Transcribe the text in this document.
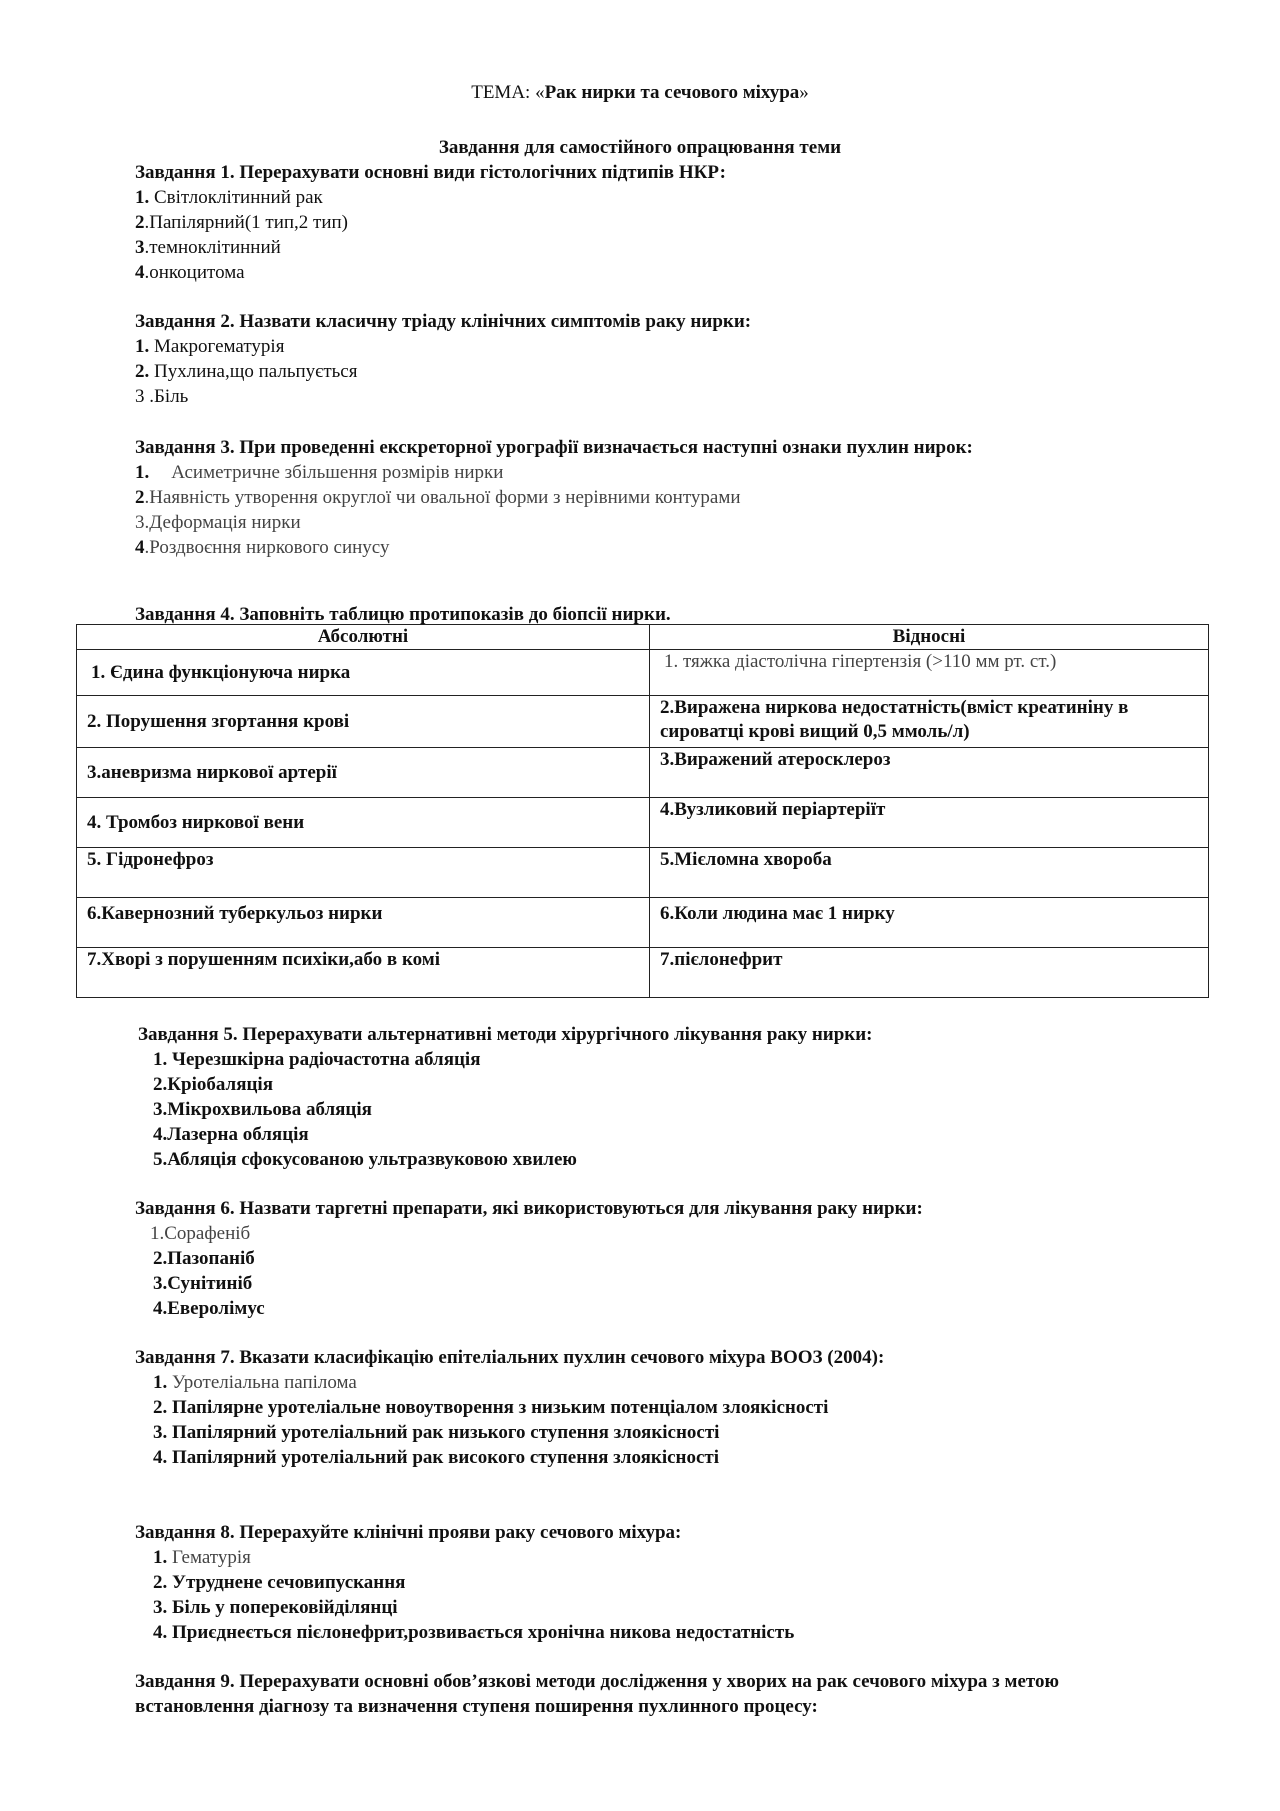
ТЕМА: «Рак нирки та сечового міхура»
Завдання для самостійного опрацювання теми
Завдання 1. Перерахувати основні види гістологічних підтипів НКР:
1. Світлоклітинний рак
2.Папілярний(1 тип,2 тип)
3.темноклітинний
4.онкоцитома
Завдання 2. Назвати класичну тріаду клінічних симптомів раку нирки:
1. Макрогематурія
2. Пухлина,що пальпується
3 .Біль
Завдання 3. При проведенні екскреторної урографії визначається наступні ознаки пухлин нирок:
1. Асиметричне збільшення розмірів нирки
2.Наявність утворення округлої чи овальної форми з нерівними контурами
3.Деформація нирки
4.Роздвоєння ниркового синусу
Завдання 4. Заповніть таблицю протипоказів до біопсії нирки.
Абсолютні	Відносні

1. Єдина функціонуюча нирка	1. тяжка діастолічна гіпертензія (>110 мм рт. ст.)

2. Порушення згортання крові	2.Виражена ниркова недостатність(вміст креатиніну в сироватці крові вищий 0,5 ммоль/л)

3.аневризма ниркової артерії	3.Виражений атеросклероз

4. Тромбоз ниркової вени	4.Вузликовий періартеріїт

5. Гідронефроз	5.Мієломна хвороба

6.Кавернозний туберкульоз нирки	6.Коли людина має 1 нирку

7.Хворі з порушенням психіки,або в комі	7.пієлонефрит
Завдання 5. Перерахувати альтернативні методи хірургічного лікування раку нирки:
1. Черезшкірна радіочастотна абляція
2.Кріобаляція
3.Мікрохвильова абляція
4.Лазерна обляція
5.Абляція сфокусованою ультразвуковою хвилею
Завдання 6. Назвати таргетні препарати, які використовуються для лікування раку нирки:
1.Сорафеніб
2.Пазопаніб
3.Сунітиніб
4.Еверолімус
Завдання 7. Вказати класифікацію епітеліальних пухлин сечового міхура ВООЗ (2004):
1. Уротеліальна папілома
2. Папілярне уротеліальне новоутворення з низьким потенціалом злоякісності
3. Папілярний уротеліальний рак низького ступення злоякісності
4. Папілярний уротеліальний рак високого ступення злоякісності
Завдання 8. Перерахуйте клінічні прояви раку сечового міхура:
1. Гематурія
2. Утруднене сечовипускання
3. Біль у поперековійділянці
4. Приєднеється пієлонефрит,розвивається хронічна никова недостатність
Завдання 9. Перерахувати основні обов’язкові методи дослідження у хворих на рак сечового міхура з метою
встановлення діагнозу та визначення ступеня поширення пухлинного процесу:
